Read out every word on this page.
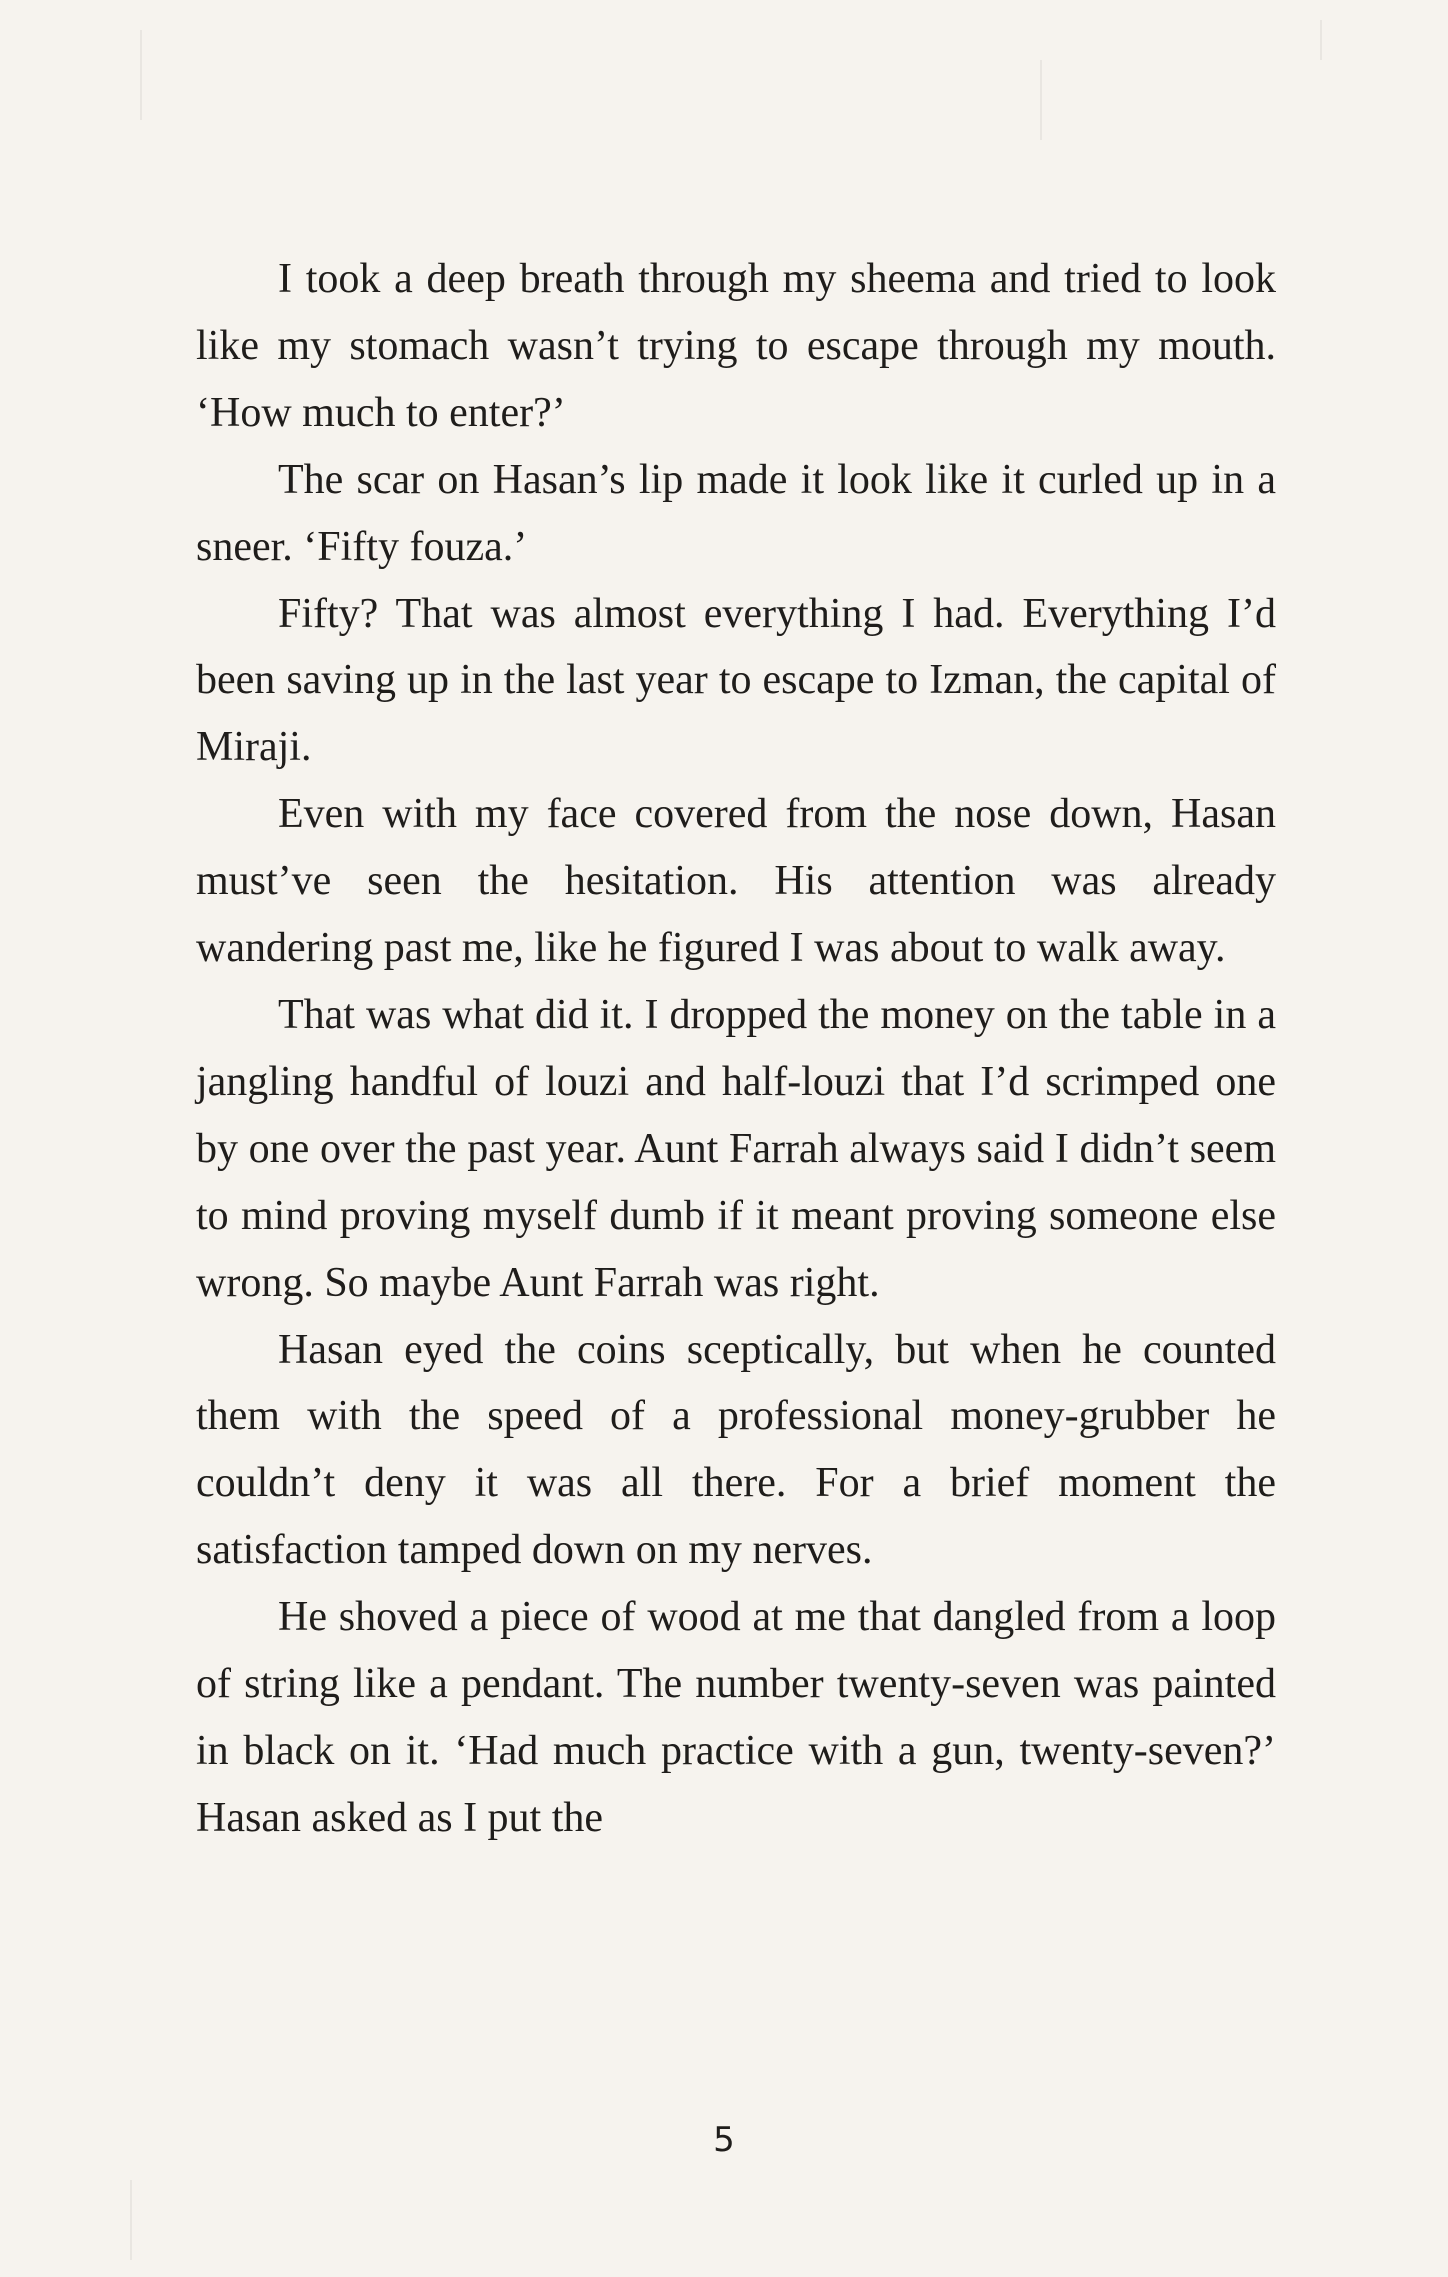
I took a deep breath through my sheema and tried to look like my stomach wasn’t trying to escape through my mouth. ‘How much to enter?’

The scar on Hasan’s lip made it look like it curled up in a sneer. ‘Fifty fouza.’

Fifty? That was almost everything I had. Everything I’d been saving up in the last year to escape to Izman, the capital of Miraji.

Even with my face covered from the nose down, Hasan must’ve seen the hesitation. His attention was already wandering past me, like he figured I was about to walk away.

That was what did it. I dropped the money on the table in a jangling handful of louzi and half-louzi that I’d scrimped one by one over the past year. Aunt Farrah always said I didn’t seem to mind proving myself dumb if it meant proving someone else wrong. So maybe Aunt Farrah was right.

Hasan eyed the coins sceptically, but when he counted them with the speed of a professional money-grubber he couldn’t deny it was all there. For a brief moment the satisfaction tamped down on my nerves.

He shoved a piece of wood at me that dangled from a loop of string like a pendant. The number twenty-seven was painted in black on it. ‘Had much practice with a gun, twenty-seven?’ Hasan asked as I put the

5
